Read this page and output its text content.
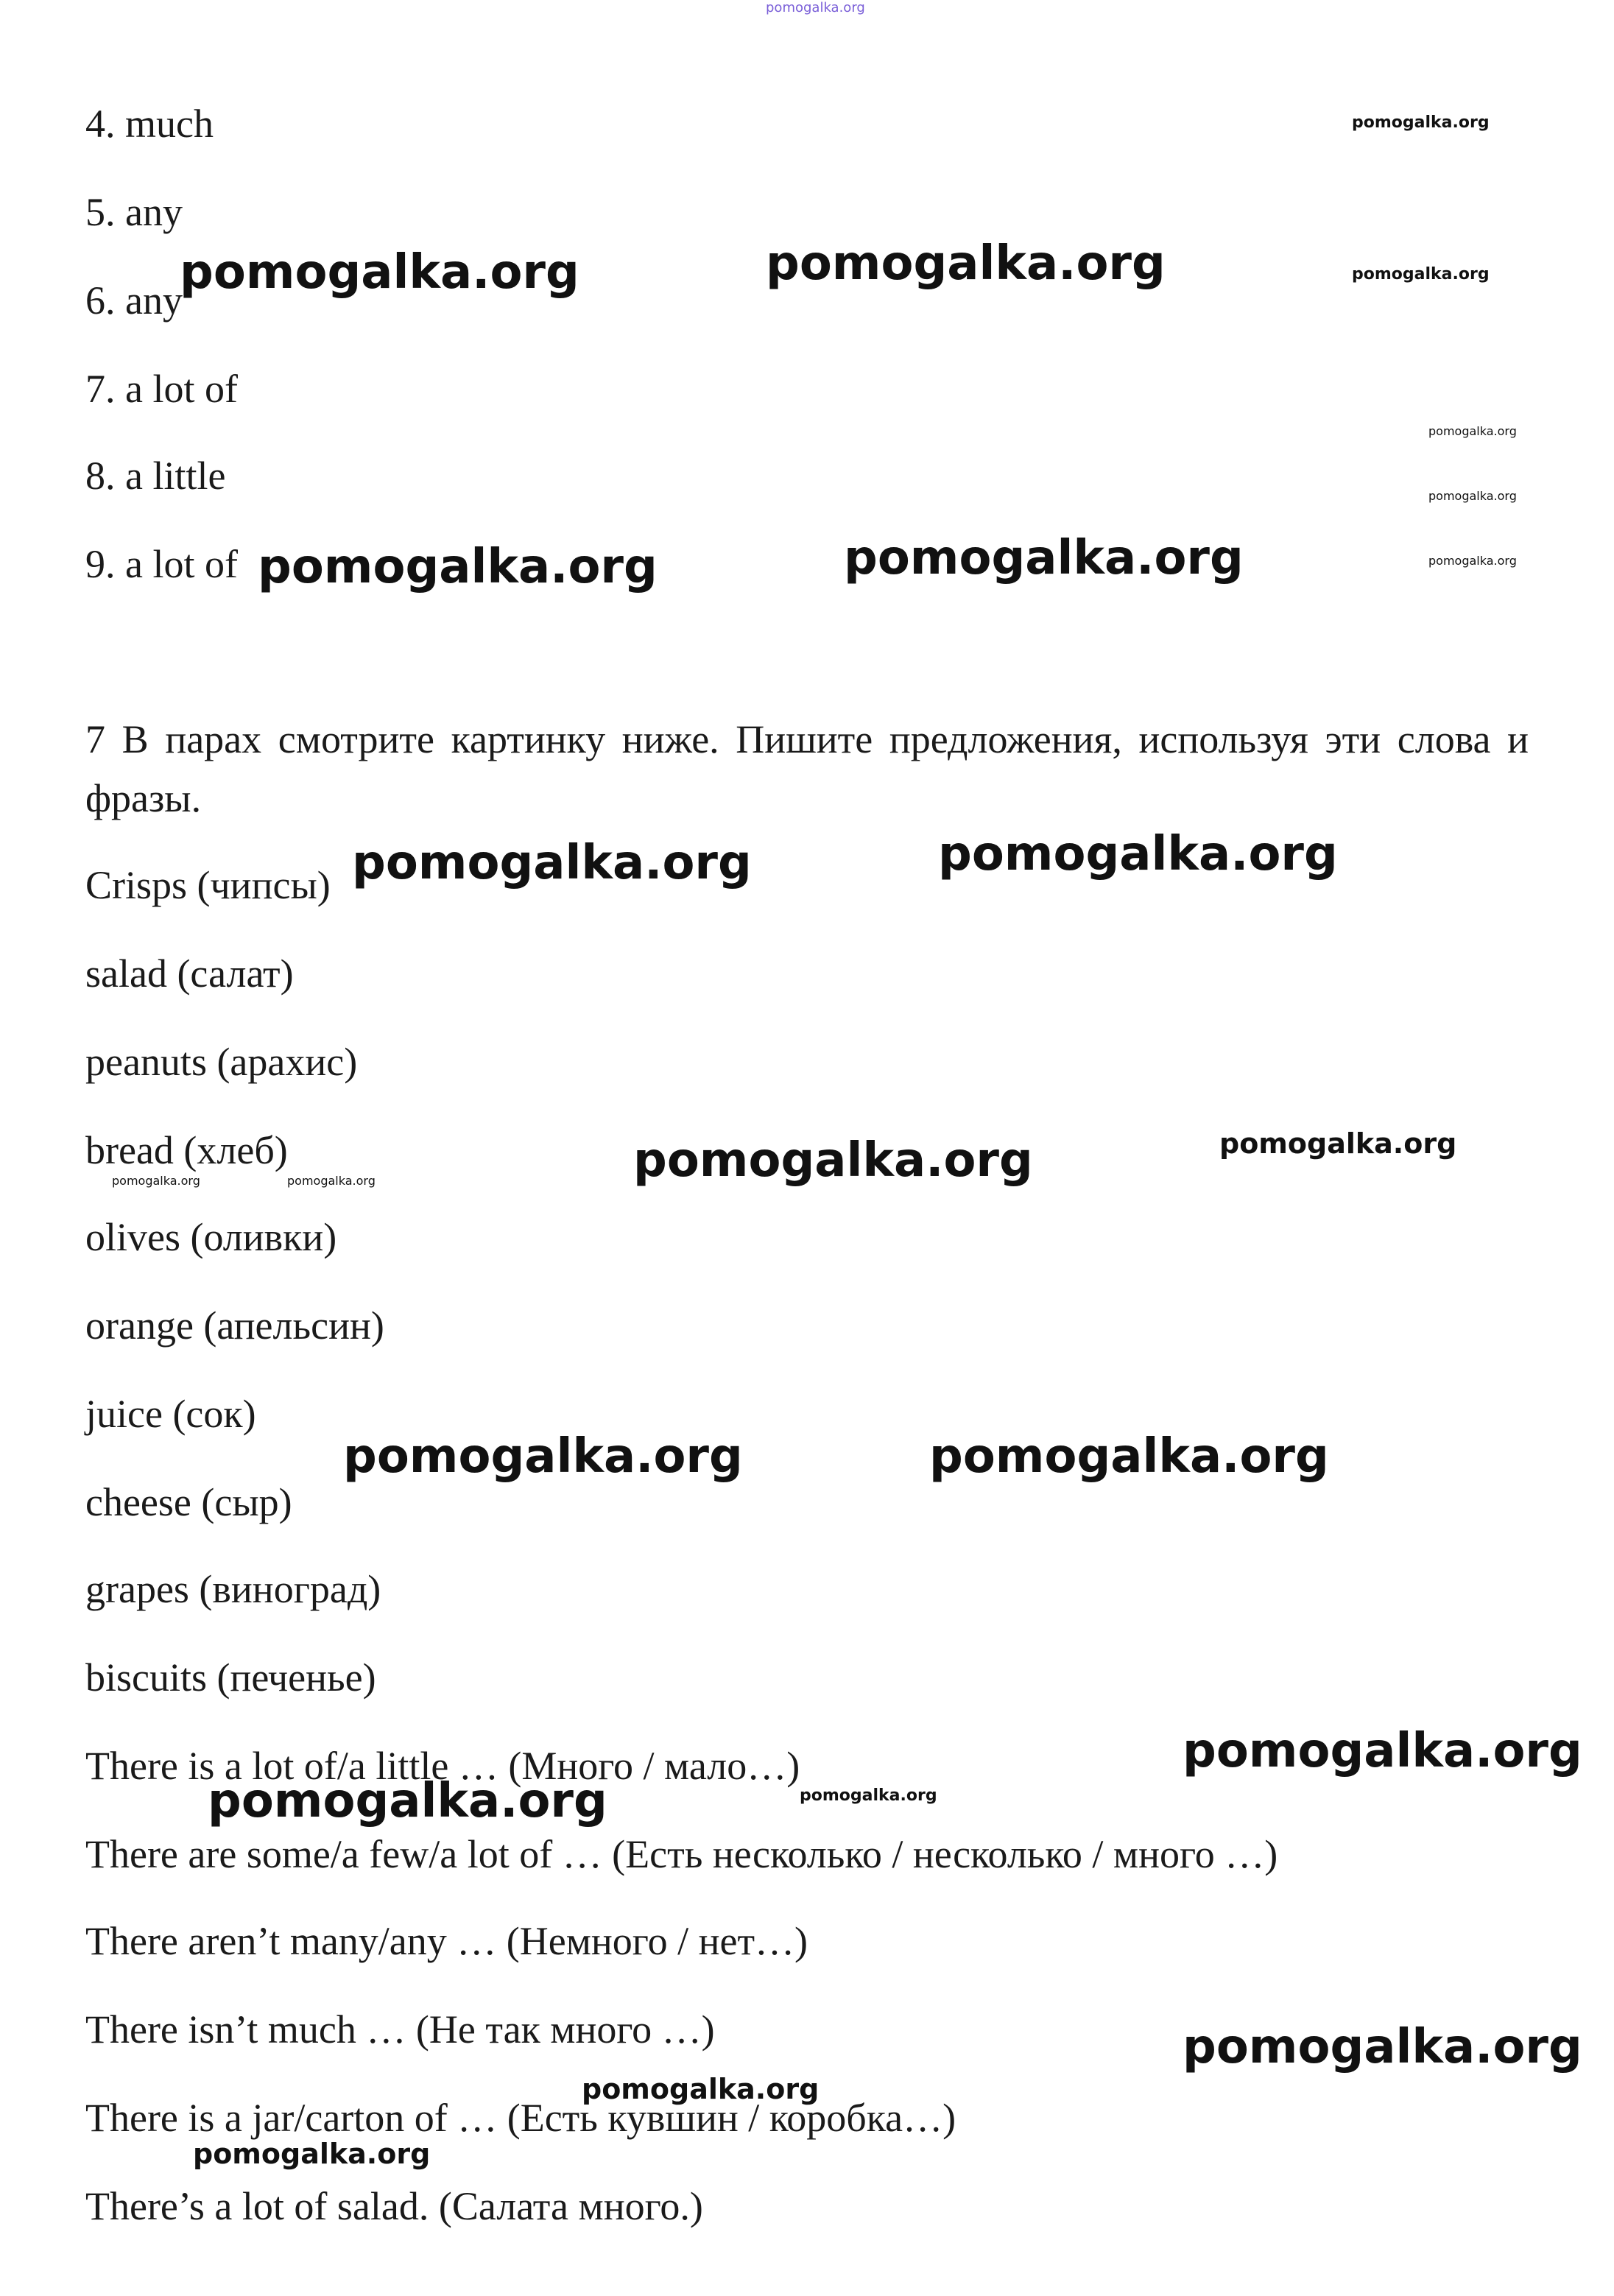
pomogalka.org
4. much
5. any
6. any
7. a lot of
8. a little
9. a lot of
7 В парах смотрите картинку ниже. Пишите предложения, используя эти слова и фразы.
Crisps (чипсы)
salad (салат)
peanuts (арахис)
bread (хлеб)
olives (оливки)
orange (апельсин)
juice (сок)
cheese (сыр)
grapes (виноград)
biscuits (печенье)
There is a lot of/a little … (Много / мало…)
There are some/a few/a lot of … (Есть несколько / несколько / много …)
There aren’t many/any … (Немного / нет…)
There isn’t much … (Не так много …)
There is a jar/carton of … (Есть кувшин / коробка…)
There’s a lot of salad. (Салата много.)
pomogalka.org
pomogalka.org	pomogalka.org	pomogalka.org
pomogalka.org
pomogalka.org
pomogalka.org	pomogalka.org	pomogalka.org
pomogalka.org	pomogalka.org
pomogalka.org
pomogalka.org
pomogalka.org	pomogalka.org
pomogalka.org	pomogalka.org
pomogalka.org
pomogalka.org	pomogalka.org
pomogalka.org
pomogalka.org
pomogalka.org
